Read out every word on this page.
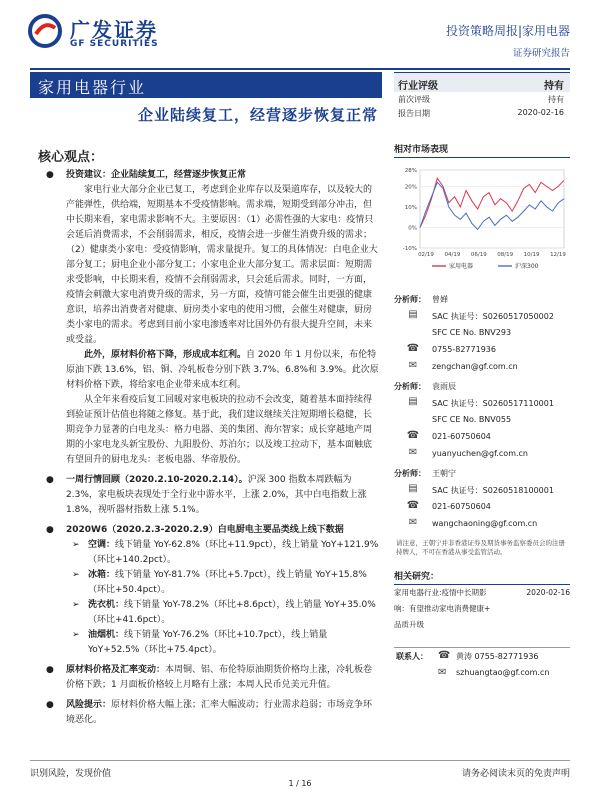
广发证券
GF SECURITIES
投资策略周报|家用电器
证券研究报告
家用电器行业
企业陆续复工，经营逐步恢复正常
核心观点：
● 投资建议：企业陆续复工，经营逐步恢复正常
家电行业大部分企业已复工，考虑到企业库存以及渠道库存，以及较大的产能弹性，供给端，短期基本不受疫情影响。需求端，短期受到部分冲击，但中长期来看，家电需求影响不大。主要原因：（1）必需性强的大家电：疫情只会延后消费需求，不会削弱需求，相反，疫情会进一步催生消费升级的需求；（2）健康类小家电：受疫情影响，需求量提升。复工的具体情况：白电企业大部分复工；厨电企业小部分复工；小家电企业大部分复工。需求层面：短期需求受影响，中长期来看，疫情不会削弱需求，只会延后需求。同时，一方面，疫情会刺激大家电消费升级的需求，另一方面，疫情可能会催生出更强的健康意识，培养出消费者对健康、厨房类小家电的使用习惯，会催生对健康，厨房类小家电的需求。考虑到目前小家电渗透率对比国外仍有很大提升空间，未来或受益。
此外，原材料价格下降，形成成本红利。自 2020 年 1 月份以来，布伦特原油下跌 13.6%，铝、铜、冷轧板卷分别下跌 3.7%、6.8%和 3.9%。此次原材料价格下跌，将给家电企业带来成本红利。
从全年来看疫后复工回暖对家电板块的拉动不会改变，随着基本面持续得到验证预计估值也将随之修复。基于此，我们建议继续关注短期增长稳健，长期竞争力显著的白电龙头：格力电器、美的集团、海尔智家；成长穿越地产周期的小家电龙头新宝股份、九阳股份、苏泊尔；以及竣工拉动下，基本面触底有望回升的厨电龙头：老板电器、华帝股份。
● 一周行情回顾（2020.2.10-2020.2.14）。沪深 300 指数本周跌幅为 2.3%，家电板块表现处于全行业中游水平，上涨 2.0%，其中白电指数上涨 1.8%，视听器材指数上涨 5.1%。
● 2020W6（2020.2.3-2020.2.9）白电厨电主要品类线上线下数据
➢ 空调：线下销量 YoY-62.8%（环比+11.9pct），线上销量 YoY+121.9%（环比+140.2pct）。
➢ 冰箱：线下销量 YoY-81.7%（环比+5.7pct），线上销量 YoY+15.8%（环比+50.4pct）。
➢ 洗衣机：线下销量 YoY-78.2%（环比+8.6pct），线上销量 YoY+35.0%（环比+41.6pct）。
➢ 油烟机：线下销量 YoY-76.2%（环比+10.7pct），线上销量 YoY+52.5%（环比+75.4pct）。
● 原材料价格及汇率变动：本周铜、铝、布伦特原油期货价格均上涨，冷轧板卷价格下跌；1 月面板价格较上月略有上涨；本周人民币兑美元升值。
● 风险提示：原材料价格大幅上涨；汇率大幅波动；行业需求趋弱；市场竞争环境恶化。
行业评级	持有
前次评级	持有
报告日期	2020-02-16
相对市场表现
-10%
0%
10%
20%
28%
02/19 04/19 06/19 08/19 10/19 12/19
家用电器	沪深300
分析师： 曾婵
▤ SAC 执证号：S0260517050002
SFC CE No. BNV293
☎ 0755-82771936
✉	zengchan@gf.com.cn
分析师： 袁雨辰
▤ SAC 执证号：S0260517110001
SFC CE No. BNV055
☎ 021-60750604
✉	yuanyuchen@gf.com.cn
分析师： 王朝宁
▤ SAC 执证号：S0260518100001
☎ 021-60750604
✉	wangchaoning@gf.com.cn
请注意，王朝宁并非香港证券及期货事务监察委员会的注册持牌人，不可在香港从事受监管活动。
相关研究：
家用电器行业:疫情中长期影	2020-02-16
响：有望推动家电消费健康+
品质升级
联系人： ☎ 黄涛 0755-82771936
✉ szhuangtao@gf.com.cn
识别风险，发现价值	请务必阅读末页的免责声明
1 / 16
